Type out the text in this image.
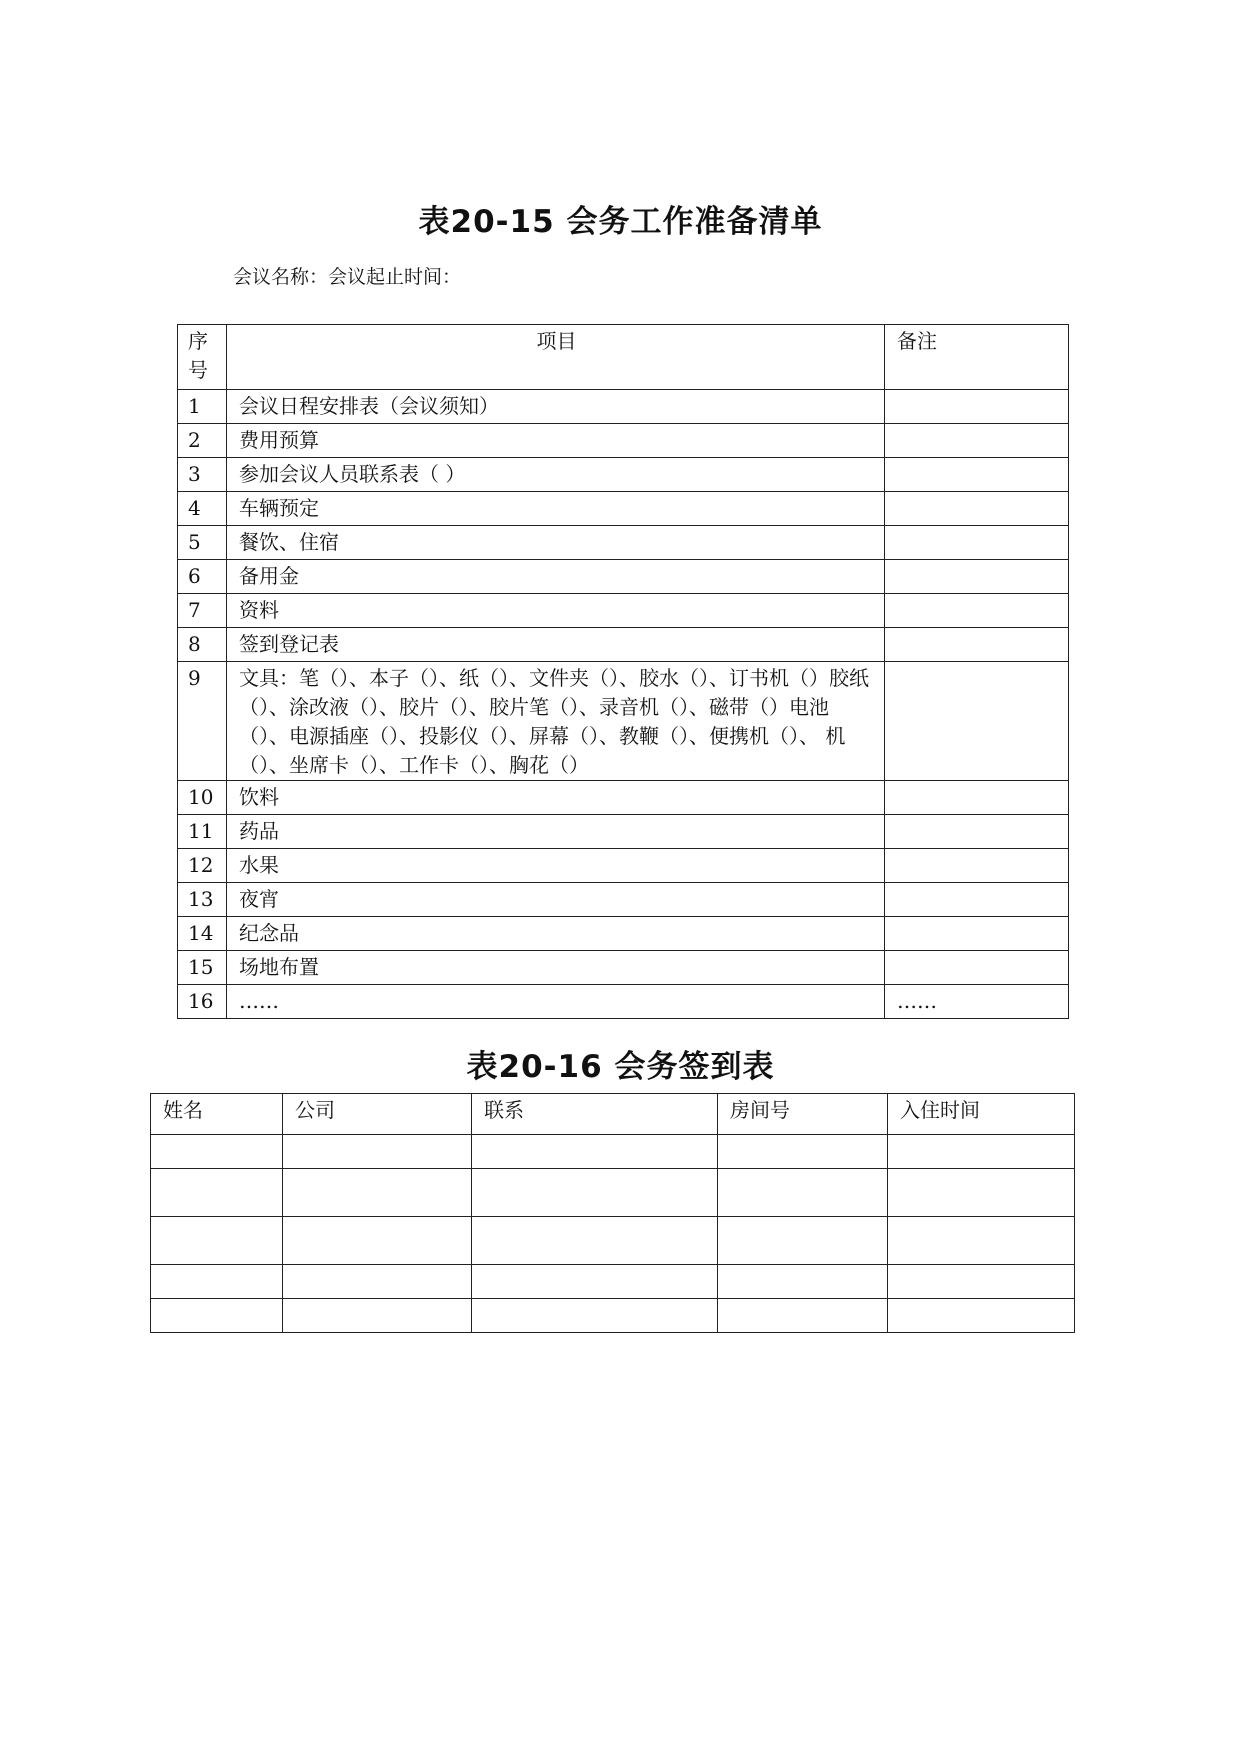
表20-15 会务工作准备清单
会议名称：会议起止时间：
序号	项目	备注
1	会议日程安排表（会议须知）	
2	费用预算	
3	参加会议人员联系表（ ）	
4	车辆预定	
5	餐饮、住宿	
6	备用金	
7	资料	
8	签到登记表	
9	文具：笔（）、本子（）、纸（）、文件夹（）、胶水（）、订书机（）胶纸（）、涂改液（）、胶片（）、胶片笔（）、录音机（）、磁带（）电池（）、电源插座（）、投影仪（）、屏幕（）、教鞭（）、便携机（）、 机（）、坐席卡（）、工作卡（）、胸花（）	
10	饮料	
11	药品	
12	水果	
13	夜宵	
14	纪念品	
15	场地布置	
16	……	……
表20-16 会务签到表
姓名	公司	联系	房间号	入住时间
